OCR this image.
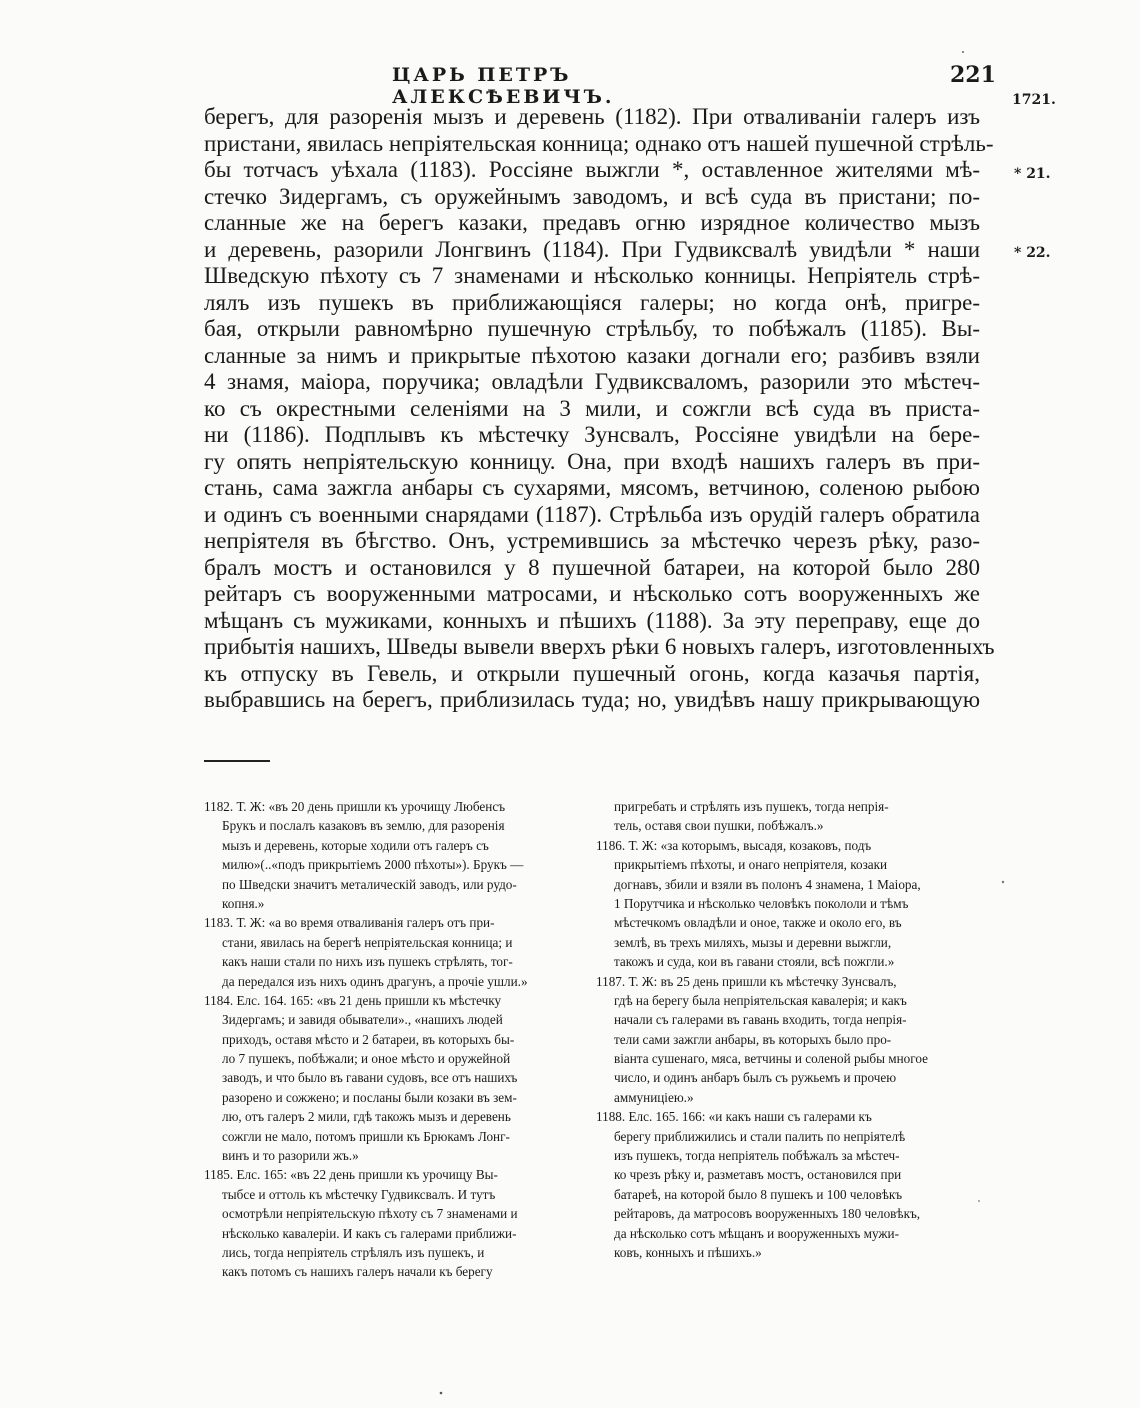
ЦАРЬ ПЕТРЪ АЛЕКСѢЕВИЧЪ.
221
1721.
* 21.
* 22.
берегъ, для разоренія мызъ и деревень (1182). При отваливаніи галеръ изъ
пристани, явилась непріятельская конница; однако отъ нашей пушечной стрѣль-
бы тотчасъ уѣхала (1183). Россіяне выжгли *, оставленное жителями мѣ-
стечко Зидергамъ, съ оружейнымъ заводомъ, и всѣ суда въ пристани; по-
сланные же на берегъ казаки, предавъ огню изрядное количество мызъ
и деревень, разорили Лонгвинъ (1184). При Гудвиксвалѣ увидѣли * наши
Шведскую пѣхоту съ 7 знаменами и нѣсколько конницы. Непріятель стрѣ-
лялъ изъ пушекъ въ приближающіяся галеры; но когда онѣ, пригре-
бая, открыли равномѣрно пушечную стрѣльбу, то побѣжалъ (1185). Вы-
сланные за нимъ и прикрытые пѣхотою казаки догнали его; разбивъ взяли
4 знамя, маіора, поручика; овладѣли Гудвиксваломъ, разорили это мѣстеч-
ко съ окрестными селеніями на 3 мили, и сожгли всѣ суда въ приста-
ни (1186). Подплывъ къ мѣстечку Зунсвалъ, Россіяне увидѣли на бере-
гу опять непріятельскую конницу. Она, при входѣ нашихъ галеръ въ при-
стань, сама зажгла анбары съ сухарями, мясомъ, ветчиною, соленою рыбою
и одинъ съ военными снарядами (1187). Стрѣльба изъ орудій галеръ обратила
непріятеля въ бѣгство. Онъ, устремившись за мѣстечко черезъ рѣку, разо-
бралъ мостъ и остановился у 8 пушечной батареи, на которой было 280
рейтаръ съ вооруженными матросами, и нѣсколько сотъ вооруженныхъ же
мѣщанъ съ мужиками, конныхъ и пѣшихъ (1188). За эту переправу, еще до
прибытія нашихъ, Шведы вывели вверхъ рѣки 6 новыхъ галеръ, изготовленныхъ
къ отпуску въ Гевель, и открыли пушечный огонь, когда казачья партія,
выбравшись на берегъ, приблизилась туда; но, увидѣвъ нашу прикрывающую
1182. Т. Ж: «въ 20 день пришли къ урочищу Любенсъ
Брукъ и послалъ казаковъ въ землю, для разоренія
мызъ и деревень, которые ходили отъ галеръ съ
милю»(..«подъ прикрытіемъ 2000 пѣхоты»). Брукъ —
по Шведски значитъ металическій заводъ, или рудо-
копня.»
1183. Т. Ж: «а во время отваливанія галеръ отъ при-
стани, явилась на берегѣ непріятельская конница; и
какъ наши стали по нихъ изъ пушекъ стрѣлять, тог-
да передался изъ нихъ одинъ драгунъ, а прочіе ушли.»
1184. Елс. 164. 165: «въ 21 день пришли къ мѣстечку
Зидергамъ; и завидя обыватели»., «нашихъ людей
приходъ, оставя мѣсто и 2 батареи, въ которыхъ бы-
ло 7 пушекъ, побѣжали; и оное мѣсто и оружейной
заводъ, и что было въ гавани судовъ, все отъ нашихъ
разорено и сожжено; и посланы были козаки въ зем-
лю, отъ галеръ 2 мили, гдѣ такожъ мызъ и деревень
сожгли не мало, потомъ пришли къ Брюкамъ Лонг-
винъ и то разорили жъ.»
1185. Елс. 165: «въ 22 день пришли къ урочищу Вы-
тыбсе и оттоль къ мѣстечку Гудвиксвалъ. И тутъ
осмотрѣли непріятельскую пѣхоту съ 7 знаменами и
нѣсколько кавалеріи. И какъ съ галерами приближи-
лись, тогда непріятель стрѣлялъ изъ пушекъ, и
какъ потомъ съ нашихъ галеръ начали къ берегу
пригребать и стрѣлять изъ пушекъ, тогда непрія-
тель, оставя свои пушки, побѣжалъ.»
1186. Т. Ж: «за которымъ, высадя, козаковъ, подъ
прикрытіемъ пѣхоты, и онаго непріятеля, козаки
догнавъ, збили и взяли въ полонъ 4 знамена, 1 Маіора,
1 Порутчика и нѣсколько человѣкъ покололи и тѣмъ
мѣстечкомъ овладѣли и оное, также и около его, въ
землѣ, въ трехъ миляхъ, мызы и деревни выжгли,
такожъ и суда, кои въ гавани стояли, всѣ пожгли.»
1187. Т. Ж: въ 25 день пришли къ мѣстечку Зунсвалъ,
гдѣ на берегу была непріятельская кавалерія; и какъ
начали съ галерами въ гавань входить, тогда непрія-
тели сами зажгли анбары, въ которыхъ было про-
віанта сушенаго, мяса, ветчины и соленой рыбы многое
число, и одинъ анбаръ былъ съ ружьемъ и прочею
аммуниціею.»
1188. Елс. 165. 166: «и какъ наши съ галерами къ
берегу приближились и стали палить по непріятелѣ
изъ пушекъ, тогда непріятель побѣжалъ за мѣстеч-
ко чрезъ рѣку и, разметавъ мостъ, остановился при
батареѣ, на которой было 8 пушекъ и 100 человѣкъ
рейтаровъ, да матросовъ вооруженныхъ 180 человѣкъ,
да нѣсколько сотъ мѣщанъ и вооруженныхъ мужи-
ковъ, конныхъ и пѣшихъ.»
